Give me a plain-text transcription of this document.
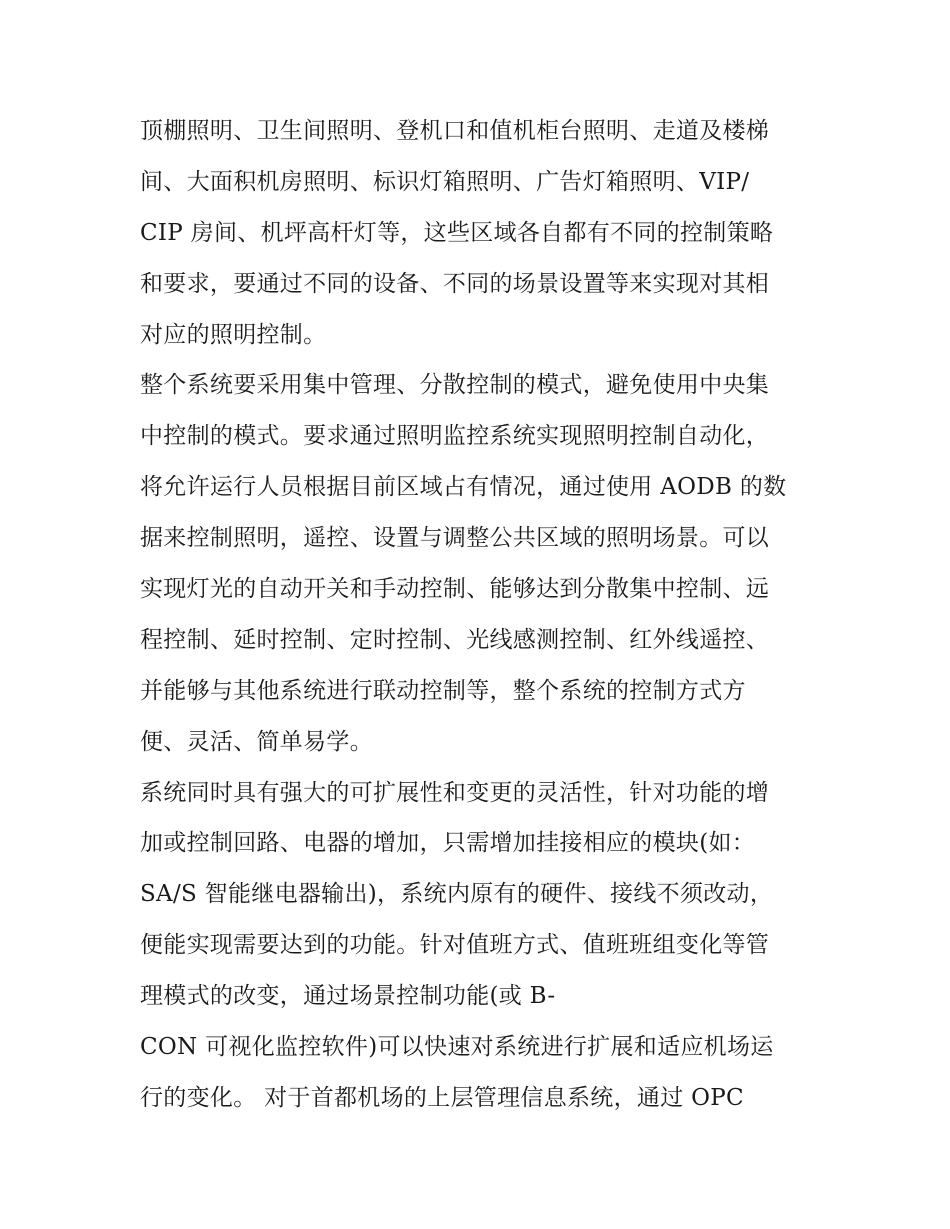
顶棚照明、卫生间照明、登机口和值机柜台照明、走道及楼梯
间、大面积机房照明、标识灯箱照明、广告灯箱照明、VIP/
CIP 房间、机坪高杆灯等，这些区域各自都有不同的控制策略
和要求，要通过不同的设备、不同的场景设置等来实现对其相
对应的照明控制。
整个系统要采用集中管理、分散控制的模式，避免使用中央集
中控制的模式。要求通过照明监控系统实现照明控制自动化，
将允许运行人员根据目前区域占有情况，通过使用 AODB 的数
据来控制照明，遥控、设置与调整公共区域的照明场景。可以
实现灯光的自动开关和手动控制、能够达到分散集中控制、远
程控制、延时控制、定时控制、光线感测控制、红外线遥控、
并能够与其他系统进行联动控制等，整个系统的控制方式方
便、灵活、简单易学。
系统同时具有强大的可扩展性和变更的灵活性，针对功能的增
加或控制回路、电器的增加，只需增加挂接相应的模块(如：
SA/S 智能继电器输出)，系统内原有的硬件、接线不须改动，
便能实现需要达到的功能。针对值班方式、值班班组变化等管
理模式的改变，通过场景控制功能(或 B-
CON 可视化监控软件)可以快速对系统进行扩展和适应机场运
行的变化。 对于首都机场的上层管理信息系统，通过 OPC
